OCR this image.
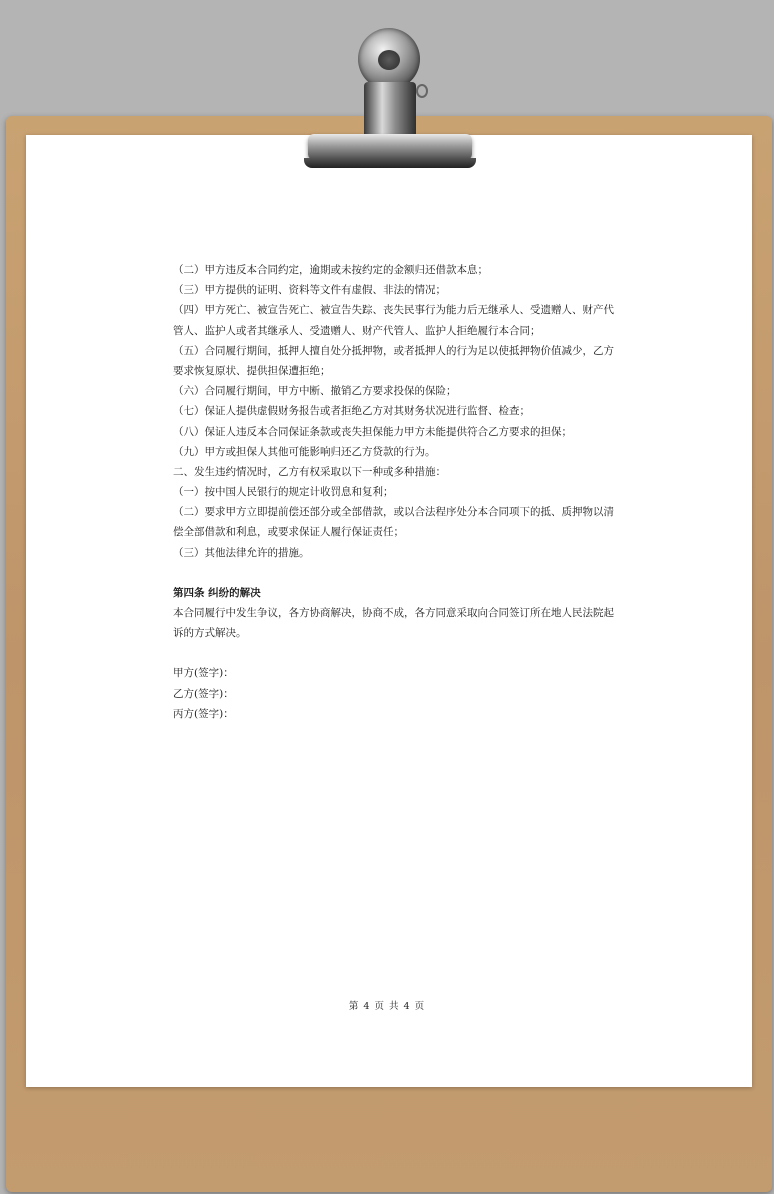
（二）甲方违反本合同约定，逾期或未按约定的金额归还借款本息；
（三）甲方提供的证明、资料等文件有虚假、非法的情况；
（四）甲方死亡、被宣告死亡、被宣告失踪、丧失民事行为能力后无继承人、受遗赠人、财产代
管人、监护人或者其继承人、受遗赠人、财产代管人、监护人拒绝履行本合同；
（五）合同履行期间，抵押人擅自处分抵押物，或者抵押人的行为足以使抵押物价值减少，乙方
要求恢复原状、提供担保遭拒绝；
（六）合同履行期间，甲方中断、撤销乙方要求投保的保险；
（七）保证人提供虚假财务报告或者拒绝乙方对其财务状况进行监督、检查；
（八）保证人违反本合同保证条款或丧失担保能力甲方未能提供符合乙方要求的担保；
（九）甲方或担保人其他可能影响归还乙方贷款的行为。
二、发生违约情况时，乙方有权采取以下一种或多种措施：
（一）按中国人民银行的规定计收罚息和复利；
（二）要求甲方立即提前偿还部分或全部借款，或以合法程序处分本合同项下的抵、质押物以清
偿全部借款和利息，或要求保证人履行保证责任；
（三）其他法律允许的措施。
第四条 纠纷的解决
本合同履行中发生争议，各方协商解决，协商不成，各方同意采取向合同签订所在地人民法院起
诉的方式解决。
甲方(签字)：
乙方(签字)：
丙方(签字)：
第 4 页 共 4 页
